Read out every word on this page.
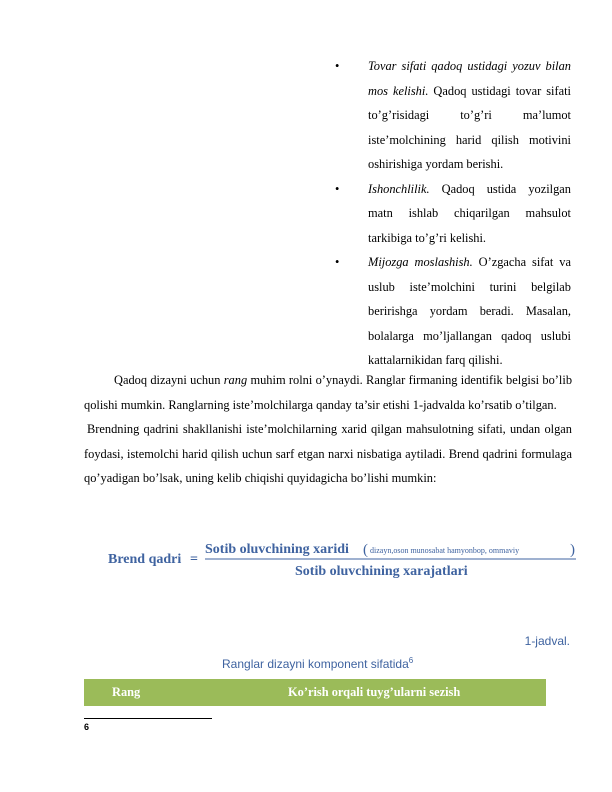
•	Tovar sifati qadoq ustidagi yozuv bilan mos kelishi. Qadoq ustidagi tovar sifati to’g’risidagi to’g’ri ma’lumot iste’molchining harid qilish motivini oshirishiga yordam berishi.
•	Ishonchlilik. Qadoq ustida yozilgan matn ishlab chiqarilgan mahsulot tarkibiga to’g’ri kelishi.
•	Mijozga moslashish. O’zgacha sifat va uslub iste’molchini turini belgilab beririshga yordam beradi. Masalan, bolalarga mo’ljallangan qadoq uslubi kattalarnikidan farq qilishi.

Qadoq dizayni uchun rang muhim rolni o’ynaydi. Ranglar firmaning identifik belgisi bo’lib qolishi mumkin. Ranglarning iste’molchilarga qanday ta’sir etishi 1-jadvalda ko’rsatib o’tilgan.

Brendning qadrini shakllanishi iste’molchilarning xarid qilgan mahsulotning sifati, undan olgan foydasi, istemolchi harid qilish uchun sarf etgan narxi nisbatiga aytiladi. Brend qadrini formulaga qo’yadigan bo’lsak, uning kelib chiqishi quyidagicha bo’lishi mumkin:

Brend qadri =
Sotib oluvchining xaridi ( dizayn,oson munosabat hamyonbop, ommaviy	)
Sotib oluvchining xarajatlari
1-jadval.
Ranglar dizayni komponent sifatida$^6$
Rang	Ko’rish orqali tuyg’ularni sezish
6
